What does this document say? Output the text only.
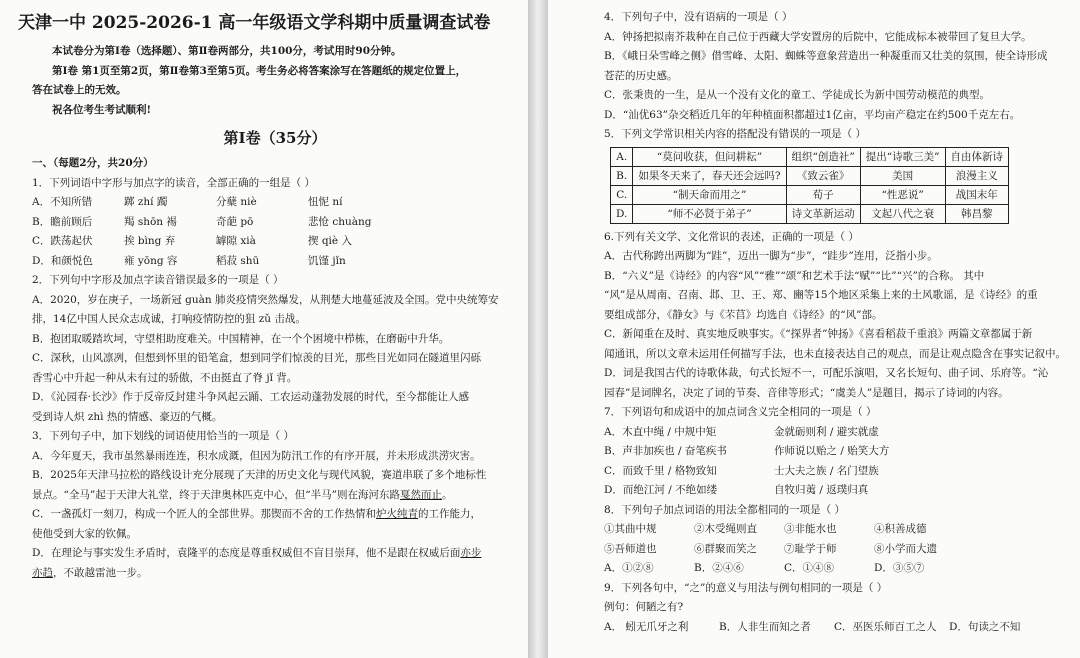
天津一中 2025-2026-1 高一年级语文学科期中质量调查试卷
本试卷分为第Ⅰ卷（选择题）、第Ⅱ卷两部分，共100分，考试用时90分钟。
第Ⅰ卷 第1页至第2页，第Ⅱ卷第3至第5页。考生务必将答案涂写在答题纸的规定位置上，
答在试卷上的无效。
祝各位考生考试顺利!
第Ⅰ卷（35分）
一、（每题2分，共20分）
1．下列词语中字形与加点字的读音，全部正确的一组是（ ）
A．不知所错	踯 zhí 躅	分蘖 niè	忸怩 ní
B．瞻前顾后	羯 shōn 裼	奇葩 pō	悲怆 chuàng
C．跌荡起伏	挨 bìng 弃	罅隙 xià	揳 qiè 入
D．和颜悦色	雍 yōng 容	稻菽 shū	饥馑 jǐn
2．下列句中字形及加点字读音错误最多的一项是（ ）
A．2020，岁在庚子，一场新冠 guàn 肺炎疫情突然爆发，从荆楚大地蔓延波及全国。党中央统筹安
排，14亿中国人民众志成诚，打响疫情防控的狙 zǔ 击战。
B．抱团取暖踏坎坷，守望相助度难关。中国精神，在一个个困境中栉栋，在磨砺中升华。
C．深秋，山风凛冽，但想到怀里的铅笔盒，想到同学们惊羡的目光，那些目光如同在隧道里闪砾
香雪心中升起一种从未有过的骄傲，不由挺直了脊 jǐ 背。
D．《沁园春·长沙》作于反帝反封建斗争风起云踊、工农运动蓬勃发展的时代，至今都能让人感
受到诗人炽 zhì 热的情感、豪迈的气概。
3．下列句子中，加下划线的词语使用恰当的一项是（ ）
A．今年夏天，我市虽然暴雨连连，积水成溉，但因为防汛工作的有序开展，并未形成洪涝灾害。
B．2025年天津马拉松的路线设计充分展现了天津的历史文化与现代风貌，赛道串联了多个地标性
景点。“全马”起于天津大礼堂，终于天津奥林匹克中心，但“半马”则在海河东路戛然而止。
C．一盏孤灯一刻刀，构成一个匠人的全部世界。那锲而不舍的工作热情和炉火纯青的工作能力，
使他受到大家的钦佩。
D．在理论与事实发生矛盾时，袁隆平的态度是尊重权威但不盲目崇拜，他不是跟在权威后面亦步
亦趋，不敢越雷池一步。
4．下列句子中，没有语病的一项是（ ）
A．钟扬把拟南芥栽种在自己位于西藏大学安置房的后院中，它能成标本被带回了复旦大学。
B．《峨日朵雪峰之侧》借雪峰、太阳、蜘蛛等意象营造出一种凝重而又壮美的氛围，使全诗形成
苍茫的历史感。
C．张秉贵的一生，是从一个没有文化的童工、学徒成长为新中国劳动模范的典型。
D．“汕优63”杂交稻近几年的年种植面积都超过1亿亩，平均亩产稳定在约500千克左右。
5．下列文学常识相关内容的搭配没有错误的一项是（ ）
A.	“莫问收获，但问耕耘”	组织“创造社”	提出“诗歌三美”	自由体新诗
B.	如果冬天来了，春天还会远吗?	《致云雀》	美国	浪漫主义
C.	“制天命而用之”	荀子	“性恶说”	战国末年
D.	“师不必贤于弟子”	诗文革新运动	文起八代之衰	韩昌黎
6.下列有关文学、文化常识的表述，正确的一项是（ ）
A．古代称跨出两脚为“跬”，迈出一脚为“步”，“跬步”连用，泛指小步。
B．“六义”是《诗经》的内容“风”“雅”“颂”和艺术手法“赋”“比”“兴”的合称。 其中
“风”是从周南、召南、邶、卫、王、郑、豳等15个地区采集上来的土风歌谣，是《诗经》的重
要组成部分，《静女》与《芣苢》均选自《诗经》的“风”部。
C．新闻重在及时、真实地反映事实。《“探界者”钟扬》《喜看稻菽千重浪》两篇文章都属于新
闻通讯，所以文章未运用任何描写手法，也未直接表达自己的观点，而是让观点隐含在事实记叙中。
D．词是我国古代的诗歌体裁，句式长短不一，可配乐演唱，又名长短句、曲子词、乐府等。“沁
园春”是词牌名，决定了词的节奏、音律等形式；“虞美人”是题目，揭示了诗词的内容。
7．下列语句和成语中的加点词含义完全相同的一项是（ ）
A．木直中绳 / 中规中矩	金就砺则利 / 避实就虚
B．声非加疾也 / 奋笔疾书	作师说以贻之 / 贻笑大方
C．而致千里 / 格物致知	士大夫之族 / 名门望族
D．而绝江河 / 不绝如缕	自牧归荑 / 返璞归真
8．下列句子加点词语的用法全都相同的一项是（ ）
①其曲中规	②木受绳则直	③非能水也	④积善成德
⑤吾师道也	⑥群聚而笑之	⑦耻学于师	⑧小学而大遗
A．①②⑧	B．②④⑥	C．①④⑧	D．③⑤⑦
9．下列各句中，“之”的意义与用法与例句相同的一项是（ ）
例句：何陋之有?
A． 蚓无爪牙之利	B．人非生而知之者	C．巫医乐师百工之人	D．句读之不知
